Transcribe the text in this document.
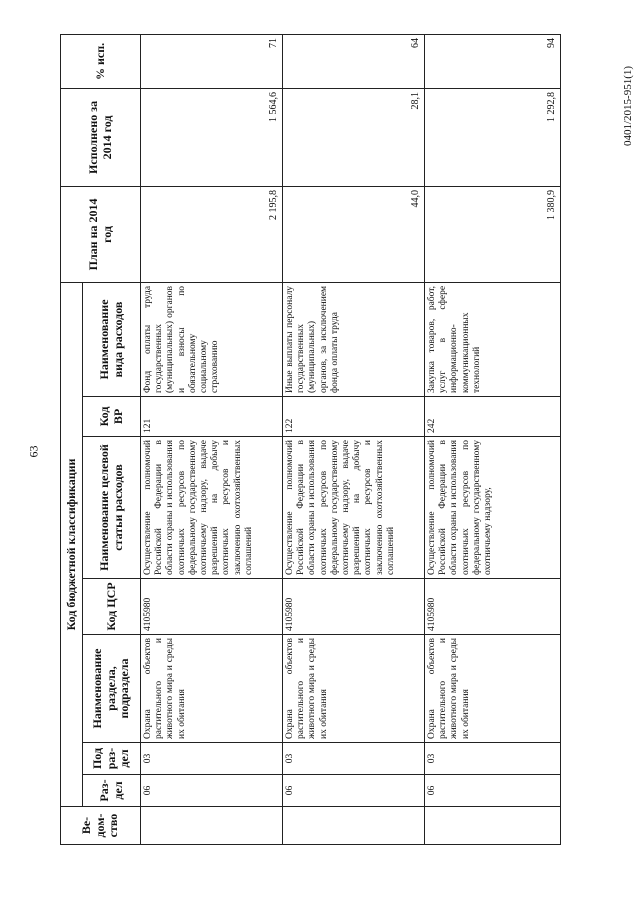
63
0401/2015-951(1)
Ве-дом-ство	Код бюджетной классификации							План на 2014 год	Исполнено за 2014 год	% исп.
	Раз-дел	Под раз-дел	Наименование раздела, подраздела	Код ЦСР	Наименование целевой статьи расходов	Код ВР	Наименование вида расходов			
	06	03	Охрана объектов растительного и животного мира и среды их обитания	4105980	Осуществление полномочий Российской Федерации в области охраны и использования охотничьих ресурсов по федеральному государственному охотничьему надзору, выдаче разрешений на добычу охотничьих ресурсов и заключению охотхозяйственных соглашений	121	Фонд оплаты труда государственных (муниципальных) органов и взносы по обязательному социальному страхованию	2 195,8	1 564,6	71
	06	03	Охрана объектов растительного и животного мира и среды их обитания	4105980	Осуществление полномочий Российской Федерации в области охраны и использования охотничьих ресурсов по федеральному государственному охотничьему надзору, выдаче разрешений на добычу охотничьих ресурсов и заключению охотхозяйственных соглашений	122	Иные выплаты персоналу государственных (муниципальных) органов, за исключением фонда оплаты труда	44,0	28,1	64
	06	03	Охрана объектов растительного и животного мира и среды их обитания	4105980	Осуществление полномочий Российской Федерации в области охраны и использования охотничьих ресурсов по федеральному государственному охотничьему надзору,	242	Закупка товаров, работ, услуг в сфере информационно-коммуникационных технологий	1 380,9	1 292,8	94
